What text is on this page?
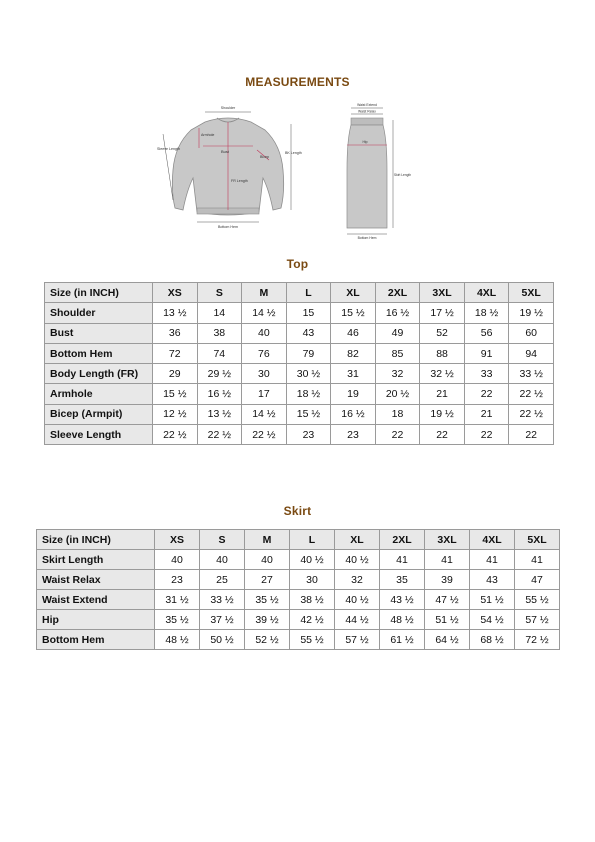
MEASUREMENTS
Shoulder
Sleeve Length
Armhole
Bust
Bicep
FR Length
BK Length
Bottom Hem
Waist Extend
Waist Relax
Hip
Skirt Length
Bottom Hem
Top
Size (in INCH)	XS	S	M	L	XL	2XL	3XL	4XL	5XL
Shoulder	13 ½	14	14 ½	15	15 ½	16 ½	17 ½	18 ½	19 ½
Bust	36	38	40	43	46	49	52	56	60
Bottom Hem	72	74	76	79	82	85	88	91	94
Body Length (FR)	29	29 ½	30	30 ½	31	32	32 ½	33	33 ½
Armhole	15 ½	16 ½	17	18 ½	19	20 ½	21	22	22 ½
Bicep (Armpit)	12 ½	13 ½	14 ½	15 ½	16 ½	18	19 ½	21	22 ½
Sleeve Length	22 ½	22 ½	22 ½	23	23	22	22	22	22
Skirt
Size (in INCH)	XS	S	M	L	XL	2XL	3XL	4XL	5XL
Skirt Length	40	40	40	40 ½	40 ½	41	41	41	41
Waist Relax	23	25	27	30	32	35	39	43	47
Waist Extend	31 ½	33 ½	35 ½	38 ½	40 ½	43 ½	47 ½	51 ½	55 ½
Hip	35 ½	37 ½	39 ½	42 ½	44 ½	48 ½	51 ½	54 ½	57 ½
Bottom Hem	48 ½	50 ½	52 ½	55 ½	57 ½	61 ½	64 ½	68 ½	72 ½
